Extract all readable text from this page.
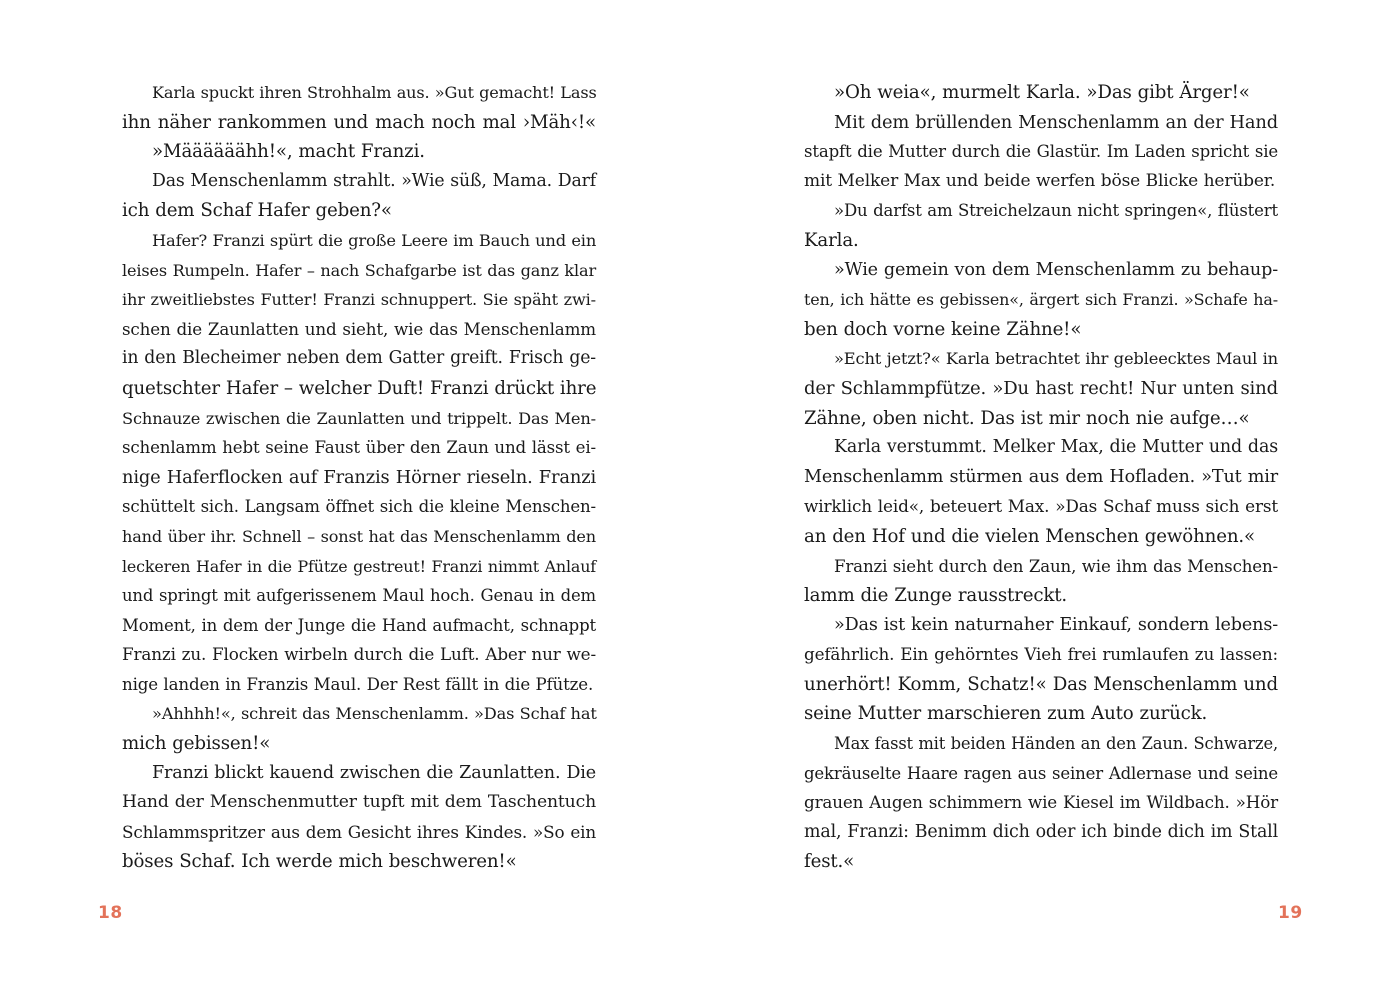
Karla spuckt ihren Strohhalm aus. »Gut gemacht! Lass
ihn näher rankommen und mach noch mal ›Mäh‹!«
»Määäääähh!«, macht Franzi.
Das Menschenlamm strahlt. »Wie süß, Mama. Darf
ich dem Schaf Hafer geben?«
Hafer? Franzi spürt die große Leere im Bauch und ein
leises Rumpeln. Hafer – nach Schafgarbe ist das ganz klar
ihr zweitliebstes Futter! Franzi schnuppert. Sie späht zwi-
schen die Zaunlatten und sieht, wie das Menschenlamm
in den Blecheimer neben dem Gatter greift. Frisch ge-
quetschter Hafer – welcher Duft! Franzi drückt ihre
Schnauze zwischen die Zaunlatten und trippelt. Das Men-
schenlamm hebt seine Faust über den Zaun und lässt ei-
nige Haferflocken auf Franzis Hörner rieseln. Franzi
schüttelt sich. Langsam öffnet sich die kleine Menschen-
hand über ihr. Schnell – sonst hat das Menschenlamm den
leckeren Hafer in die Pfütze gestreut! Franzi nimmt Anlauf
und springt mit aufgerissenem Maul hoch. Genau in dem
Moment, in dem der Junge die Hand aufmacht, schnappt
Franzi zu. Flocken wirbeln durch die Luft. Aber nur we-
nige landen in Franzis Maul. Der Rest fällt in die Pfütze.
»Ahhhh!«, schreit das Menschenlamm. »Das Schaf hat
mich gebissen!«
Franzi blickt kauend zwischen die Zaunlatten. Die
Hand der Menschenmutter tupft mit dem Taschentuch
Schlammspritzer aus dem Gesicht ihres Kindes. »So ein
böses Schaf. Ich werde mich beschweren!«
18
»Oh weia«, murmelt Karla. »Das gibt Ärger!«
Mit dem brüllenden Menschenlamm an der Hand
stapft die Mutter durch die Glastür. Im Laden spricht sie
mit Melker Max und beide werfen böse Blicke herüber.
»Du darfst am Streichelzaun nicht springen«, flüstert
Karla.
»Wie gemein von dem Menschenlamm zu behaup-
ten, ich hätte es gebissen«, ärgert sich Franzi. »Schafe ha-
ben doch vorne keine Zähne!«
»Echt jetzt?« Karla betrachtet ihr gebleecktes Maul in
der Schlammpfütze. »Du hast recht! Nur unten sind
Zähne, oben nicht. Das ist mir noch nie aufge…«
Karla verstummt. Melker Max, die Mutter und das
Menschenlamm stürmen aus dem Hofladen. »Tut mir
wirklich leid«, beteuert Max. »Das Schaf muss sich erst
an den Hof und die vielen Menschen gewöhnen.«
Franzi sieht durch den Zaun, wie ihm das Menschen-
lamm die Zunge rausstreckt.
»Das ist kein naturnaher Einkauf, sondern lebens-
gefährlich. Ein gehörntes Vieh frei rumlaufen zu lassen:
unerhört! Komm, Schatz!« Das Menschenlamm und
seine Mutter marschieren zum Auto zurück.
Max fasst mit beiden Händen an den Zaun. Schwarze,
gekräuselte Haare ragen aus seiner Adlernase und seine
grauen Augen schimmern wie Kiesel im Wildbach. »Hör
mal, Franzi: Benimm dich oder ich binde dich im Stall
fest.«
19
